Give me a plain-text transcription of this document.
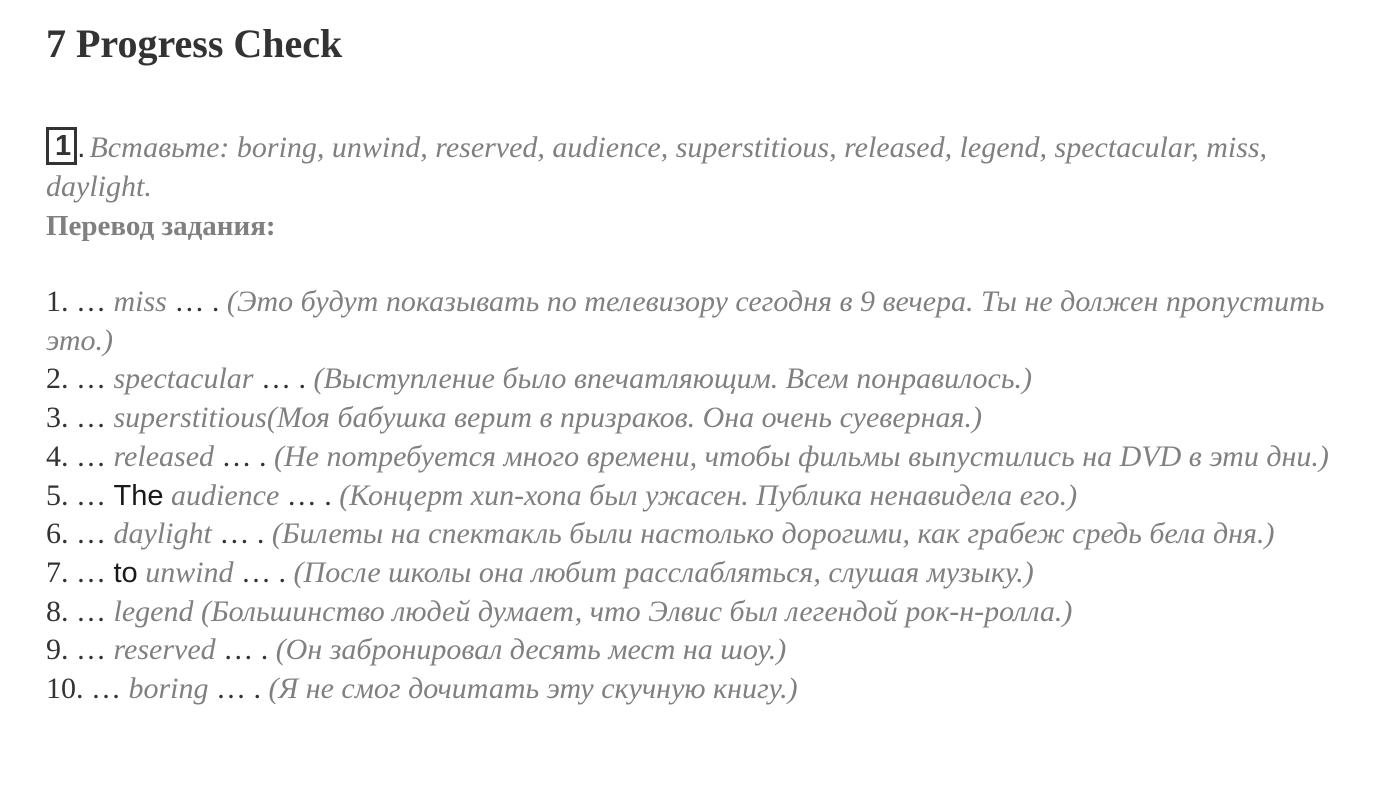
7 Progress Check
1 . Вставьте: boring, unwind, reserved, audience, superstitious, released, legend, spectacular, miss, daylight.
Перевод задания:

1. … miss … . (Это будут показывать по телевизору сегодня в 9 вечера. Ты не должен пропустить это.)

2. … spectacular … . (Выступление было впечатляющим. Всем понравилось.)

3. … superstitious(Моя бабушка верит в призраков. Она очень суеверная.)

4. … released … . (Не потребуется много времени, чтобы фильмы выпустились на DVD в эти дни.)

5. … The audience … . (Концерт хип-хопа был ужасен. Публика ненавидела его.)

6. … daylight … . (Билеты на спектакль были настолько дорогими, как грабеж средь бела дня.)

7. … to unwind … . (После школы она любит расслабляться, слушая музыку.)

8. … legend (Большинство людей думает, что Элвис был легендой рок-н-ролла.)

9. … reserved … . (Он забронировал десять мест на шоу.)

10. … boring … . (Я не смог дочитать эту скучную книгу.)
